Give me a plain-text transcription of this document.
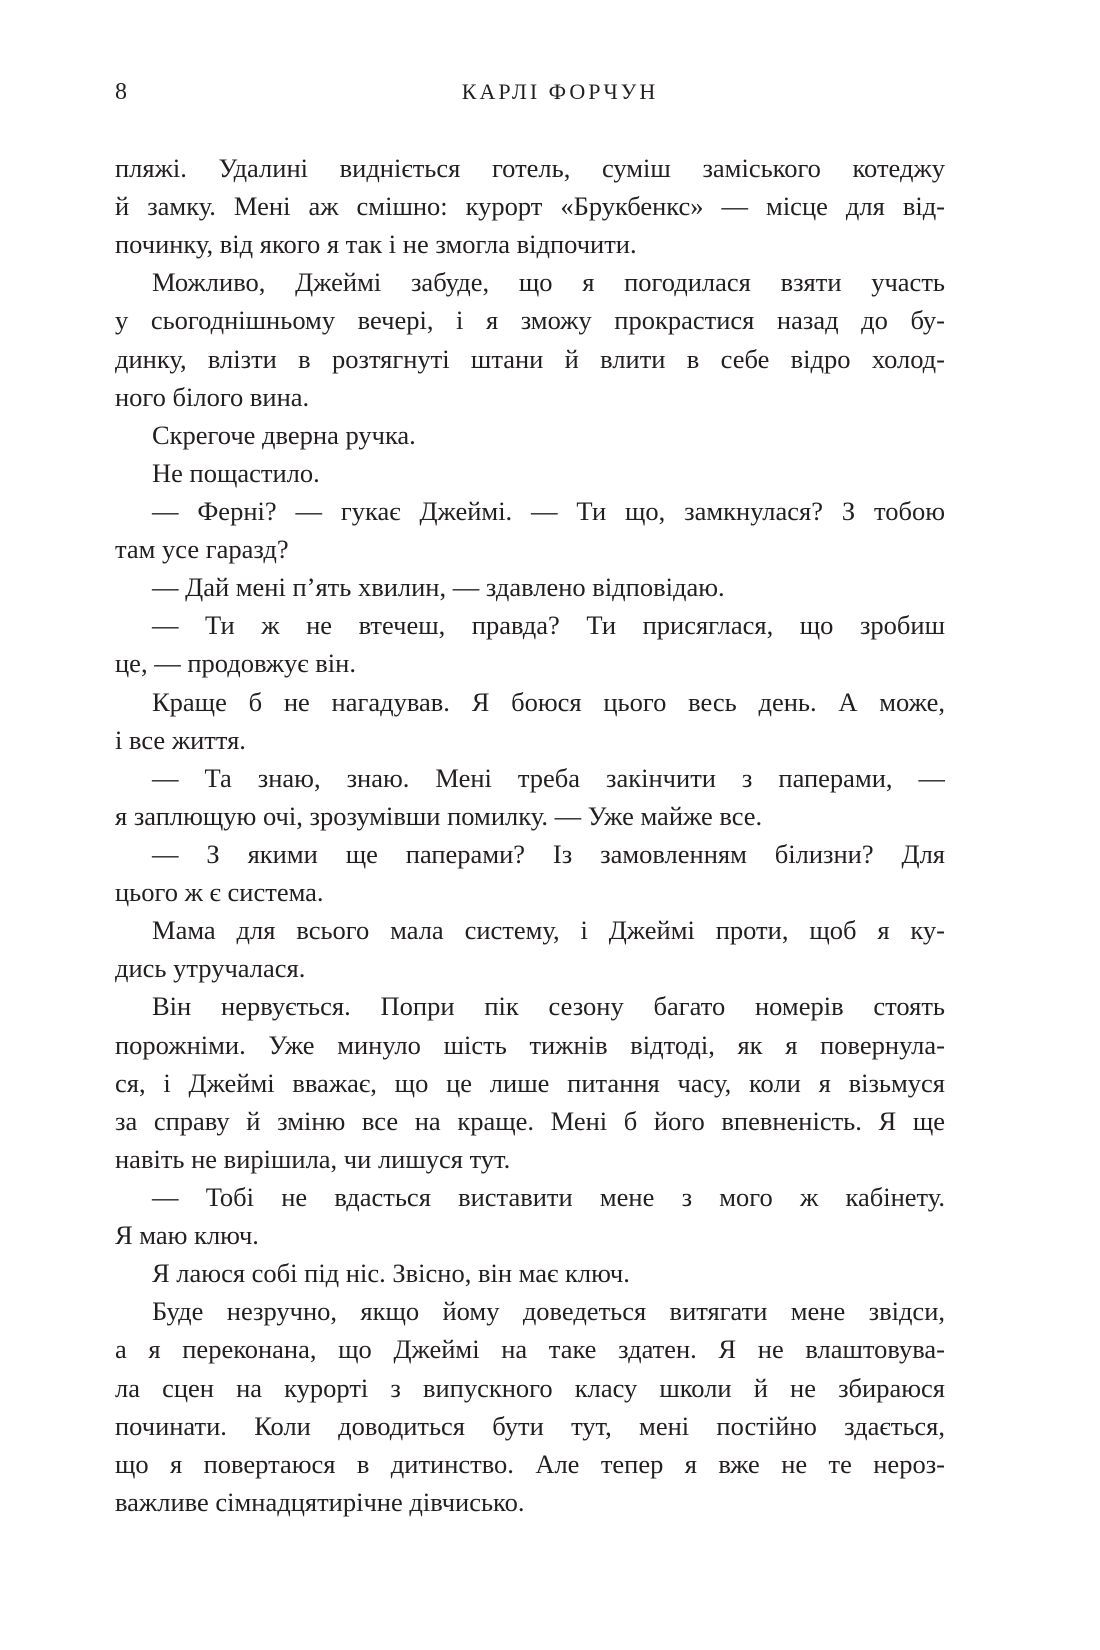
8	КАРЛІ ФОРЧУН
пляжі. Удалині видніється готель, суміш заміського котеджу
й замку. Мені аж смішно: курорт «Брукбенкс» — місце для від-
починку, від якого я так і не змогла відпочити.
Можливо, Джеймі забуде, що я погодилася взяти участь
у сьогоднішньому вечері, і я зможу прокрастися назад до бу-
динку, влізти в розтягнуті штани й влити в себе відро холод-
ного білого вина.
Скрегоче дверна ручка.
Не пощастило.
— Ферні? — гукає Джеймі. — Ти що, замкнулася? З тобою
там усе гаразд?
— Дай мені п’ять хвилин, — здавлено відповідаю.
— Ти ж не втечеш, правда? Ти присяглася, що зробиш
це, — продовжує він.
Краще б не нагадував. Я боюся цього весь день. А може,
і все життя.
— Та знаю, знаю. Мені треба закінчити з паперами, —
я заплющую очі, зрозумівши помилку. — Уже майже все.
— З якими ще паперами? Із замовленням білизни? Для
цього ж є система.
Мама для всього мала систему, і Джеймі проти, щоб я ку-
дись утручалася.
Він нервується. Попри пік сезону багато номерів стоять
порожніми. Уже минуло шість тижнів відтоді, як я повернула-
ся, і Джеймі вважає, що це лише питання часу, коли я візьмуся
за справу й зміню все на краще. Мені б його впевненість. Я ще
навіть не вирішила, чи лишуся тут.
— Тобі не вдасться виставити мене з мого ж кабінету.
Я маю ключ.
Я лаюся собі під ніс. Звісно, він має ключ.
Буде незручно, якщо йому доведеться витягати мене звідси,
а я переконана, що Джеймі на таке здатен. Я не влаштовува-
ла сцен на курорті з випускного класу школи й не збираюся
починати. Коли доводиться бути тут, мені постійно здається,
що я повертаюся в дитинство. Але тепер я вже не те нероз-
важливе сімнадцятирічне дівчисько.
